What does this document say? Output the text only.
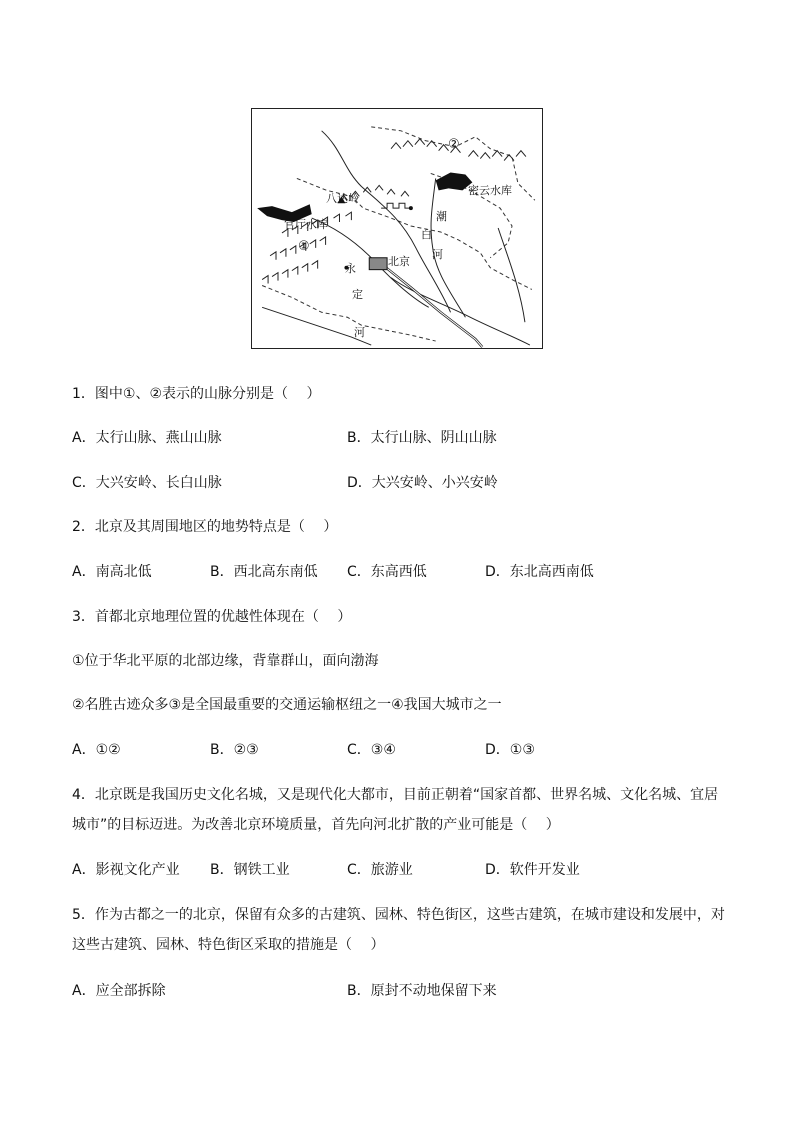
②
密云水库
八达岭
官厅水库
①
北京
潮
白
河
永
定
河
1．图中①、②表示的山脉分别是（　 ）
A．太行山脉、燕山山脉	B．太行山脉、阴山山脉
C．大兴安岭、长白山脉	D．大兴安岭、小兴安岭
2．北京及其周围地区的地势特点是（　 ）
A．南高北低	B．西北高东南低 C．东高西低	D．东北高西南低
3．首都北京地理位置的优越性体现在（　 ）
①位于华北平原的北部边缘，背靠群山，面向渤海
②名胜古迹众多③是全国最重要的交通运输枢纽之一④我国大城市之一
A．①②	B．②③	C．③④	D．①③
4．北京既是我国历史文化名城，又是现代化大都市，目前正朝着“国家首都、世界名城、文化名城、宜居
城市”的目标迈进。为改善北京环境质量，首先向河北扩散的产业可能是（　 ）
A．影视文化产业 B．钢铁工业	C．旅游业	D．软件开发业
5．作为古都之一的北京，保留有众多的古建筑、园林、特色街区，这些古建筑，在城市建设和发展中，对
这些古建筑、园林、特色街区采取的措施是（　 ）
A．应全部拆除	B．原封不动地保留下来
